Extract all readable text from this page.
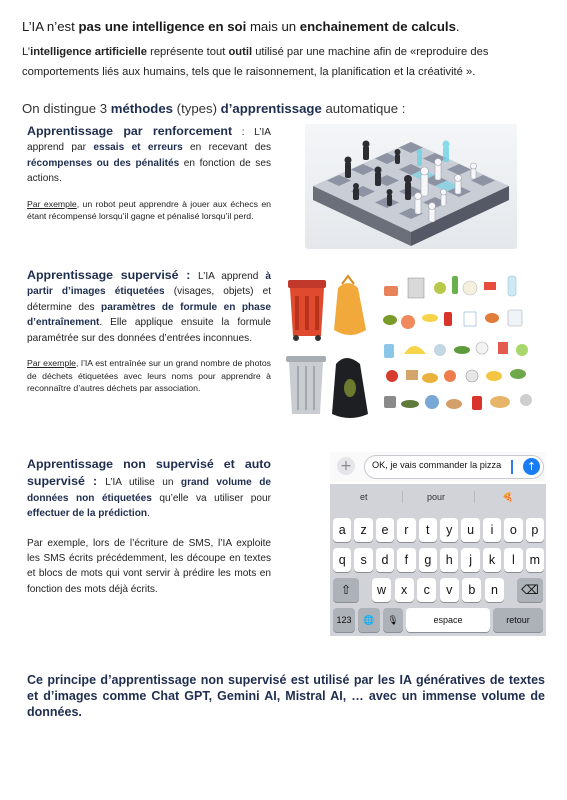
L’IA n’est pas une intelligence en soi mais un enchainement de calculs.
L’intelligence artificielle représente tout outil utilisé par une machine afin de «reproduire des comportements liés aux humains, tels que le raisonnement, la planification et la créativité ».
On distingue 3 méthodes (types) d’apprentissage automatique :
Apprentissage par renforcement : L’IA apprend par essais et erreurs en recevant des récompenses ou des pénalités en fonction de ses actions.
Par exemple, un robot peut apprendre à jouer aux échecs en étant récompensé lorsqu’il gagne et pénalisé lorsqu’il perd.
Apprentissage supervisé : L’IA apprend à partir d’images étiquetées (visages, objets) et détermine des paramètres de formule en phase d’entraînement. Elle applique ensuite la formule paramétrée sur des données d’entrées inconnues.
Par exemple, l’IA est entraînée sur un grand nombre de photos de déchets étiquetées avec leurs noms pour apprendre à reconnaître d’autres déchets par association.
Apprentissage non supervisé et auto supervisé : L’IA utilise un grand volume de données non étiquetées qu’elle va utiliser pour effectuer de la prédiction.
Par exemple, lors de l’écriture de SMS, l’IA exploite les SMS écrits précédemment, les découpe en textes et blocs de mots qui vont servir à prédire les mots en fonction des mots déjà écrits.
+	OK, je vais commander la pizza	↑
et	pour	🍕
⇧	⌫
123	🌐	🎙	espace	retour
a	z	e	r	t	y	u	i	o	p
q	s	d	f	g	h	j	k	l	m
w	x	c	v	b	n
Ce principe d’apprentissage non supervisé est utilisé par les IA génératives de textes et d’images comme Chat GPT, Gemini AI, Mistral AI, … avec un immense volume de données.
